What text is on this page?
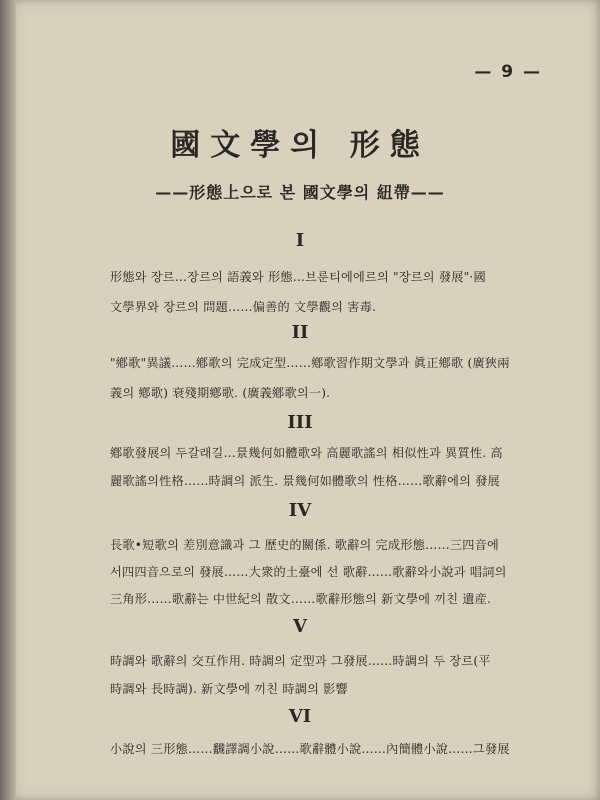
— 9 —
國文學의 形態
——形態上으로 본 國文學의 紐帶——
I
形態와 장르…장르의 語義와 形態…브룬티에에르의 "장르의 發展"·國
文學界와 장르의 問題……偏善的 文學觀의 害毒.
II
"鄕歌"異議……鄕歌의 完成定型……鄕歌習作期文學과 眞正鄕歌 (廣狹兩
義의 鄕歌) 衰殘期鄕歌. (廣義鄕歌의一).
III
鄕歌發展의 두갈래길…景幾何如體歌와 高麗歌謠의 相似性과 異質性. 高
麗歌謠의性格……時調의 派生. 景幾何如體歌의 性格……歌辭에의 發展
IV
長歌•短歌의 差別意識과 그 歷史的關係. 歌辭의 完成形態……三四音에
서四四音으로의 發展……大衆的土臺에 선 歌辭……歌辭와小說과 唱詞의
三角形……歌辭는 中世紀의 散文……歌辭形態의 新文學에 끼친 遺産.
V
時調와 歌辭의 交互作用. 時調의 定型과 그發展……時調의 두 장르(平
時調와 長時調). 新文學에 끼친 時調의 影響
VI
小說의 三形態……飜譯調小說……歌辭體小說……內簡體小說……그發展
